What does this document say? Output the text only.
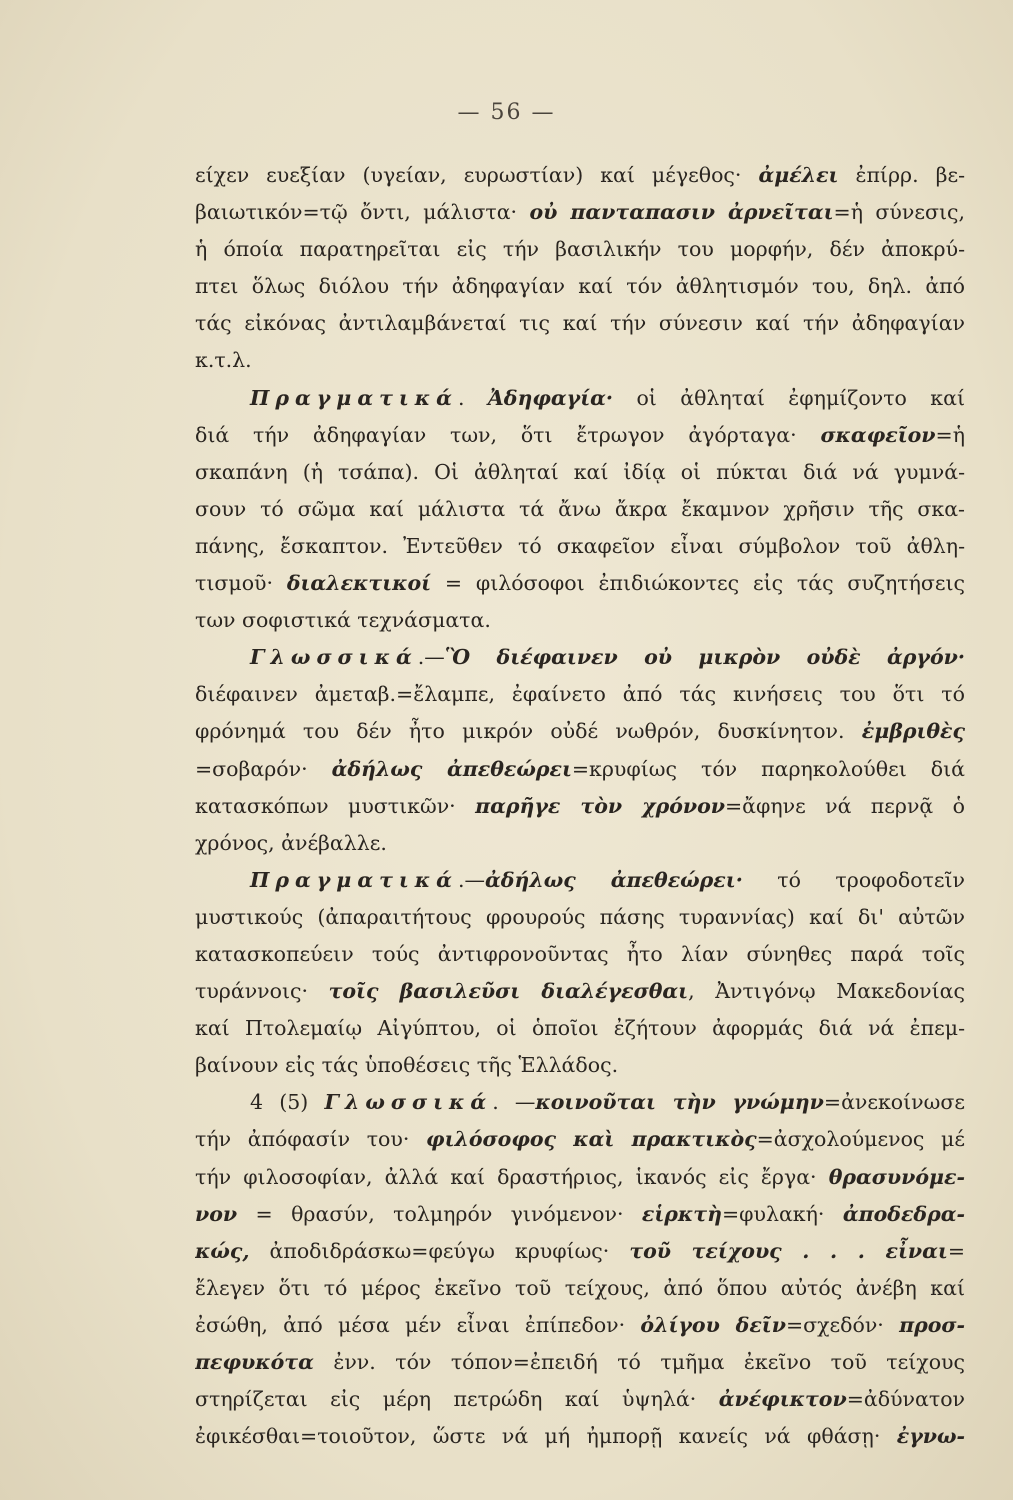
— 56 —
είχεν ευεξίαν (υγείαν, ευρωστίαν) καί μέγεθος· ἀμέλει ἐπίρρ. βε-
βαιωτικόν=τῷ ὄντι, μάλιστα· οὐ πανταπασιν ἀρνεῖται=ἡ σύνεσις,
ἡ όποία παρατηρεῖται εἰς τήν βασιλικήν του μορφήν, δέν ἀποκρύ-
πτει ὅλως διόλου τήν ἀδηφαγίαν καί τόν ἀθλητισμόν του, δηλ. ἀπό
τάς εἰκόνας ἀντιλαμβάνεταί τις καί τήν σύνεσιν καί τήν ἀδηφαγίαν
κ.τ.λ.
Πραγματικά. Ἀδηφαγία· οἱ ἀθληταί ἐφημίζοντο καί
διά τήν ἀδηφαγίαν των, ὅτι ἔτρωγον ἀγόρταγα· σκαφεῖον=ἡ
σκαπάνη (ἡ τσάπα). Οἱ ἀθληταί καί ἰδίᾳ οἱ πύκται διά νά γυμνά-
σουν τό σῶμα καί μάλιστα τά ἄνω ἄκρα ἔκαμνον χρῆσιν τῆς σκα-
πάνης, ἔσκαπτον. Ἐντεῦθεν τό σκαφεῖον εἶναι σύμβολον τοῦ ἀθλη-
τισμοῦ· διαλεκτικοί = φιλόσοφοι ἐπιδιώκοντες εἰς τάς συζητήσεις
των σοφιστικά τεχνάσματα.
Γλωσσικά.—Ὃ διέφαινεν οὐ μικρὸν οὐδὲ ἀργόν·
διέφαινεν ἀμεταβ.=ἔλαμπε, ἐφαίνετο ἀπό τάς κινήσεις του ὅτι τό
φρόνημά του δέν ἦτο μικρόν οὐδέ νωθρόν, δυσκίνητον. ἐμβριθὲς
=σοβαρόν· ἀδήλως ἀπεθεώρει=κρυφίως τόν παρηκολούθει διά
κατασκόπων μυστικῶν· παρῆγε τὸν χρόνον=ἄφηνε νά περνᾷ ὁ
χρόνος, ἀνέβαλλε.
Πραγματικά.—ἀδήλως ἀπεθεώρει· τό τροφοδοτεῖν
μυστικούς (ἀπαραιτήτους φρουρούς πάσης τυραννίας) καί δι' αὐτῶν
κατασκοπεύειν τούς ἀντιφρονοῦντας ἦτο λίαν σύνηθες παρά τοῖς
τυράννοις· τοῖς βασιλεῦσι διαλέγεσθαι, Ἀντιγόνῳ Μακεδονίας
καί Πτολεμαίῳ Αἰγύπτου, οἱ ὁποῖοι ἐζήτουν ἀφορμάς διά νά ἐπεμ-
βαίνουν εἰς τάς ὑποθέσεις τῆς Ἑλλάδος.
4 (5) Γλωσσικά. —κοινοῦται τὴν γνώμην=ἀνεκοίνωσε
τήν ἀπόφασίν του· φιλόσοφος καὶ πρακτικὸς=ἀσχολούμενος μέ
τήν φιλοσοφίαν, ἀλλά καί δραστήριος, ἱκανός εἰς ἔργα· θρασυνόμε-
νον = θρασύν, τολμηρόν γινόμενον· εἱρκτὴ=φυλακή· ἀποδεδρα-
κώς, ἀποδιδράσκω=φεύγω κρυφίως· τοῦ τείχους . . . εἶναι=
ἔλεγεν ὅτι τό μέρος ἐκεῖνο τοῦ τείχους, ἀπό ὅπου αὐτός ἀνέβη καί
ἐσώθη, ἀπό μέσα μέν εἶναι ἐπίπεδον· ὀλίγου δεῖν=σχεδόν· προσ-
πεφυκότα ἐνν. τόν τόπον=ἐπειδή τό τμῆμα ἐκεῖνο τοῦ τείχους
στηρίζεται εἰς μέρη πετρώδη καί ὑψηλά· ἀνέφικτον=ἀδύνατον
ἐφικέσθαι=τοιοῦτον, ὥστε νά μή ἠμπορῇ κανείς νά φθάσῃ· ἐγνω-
